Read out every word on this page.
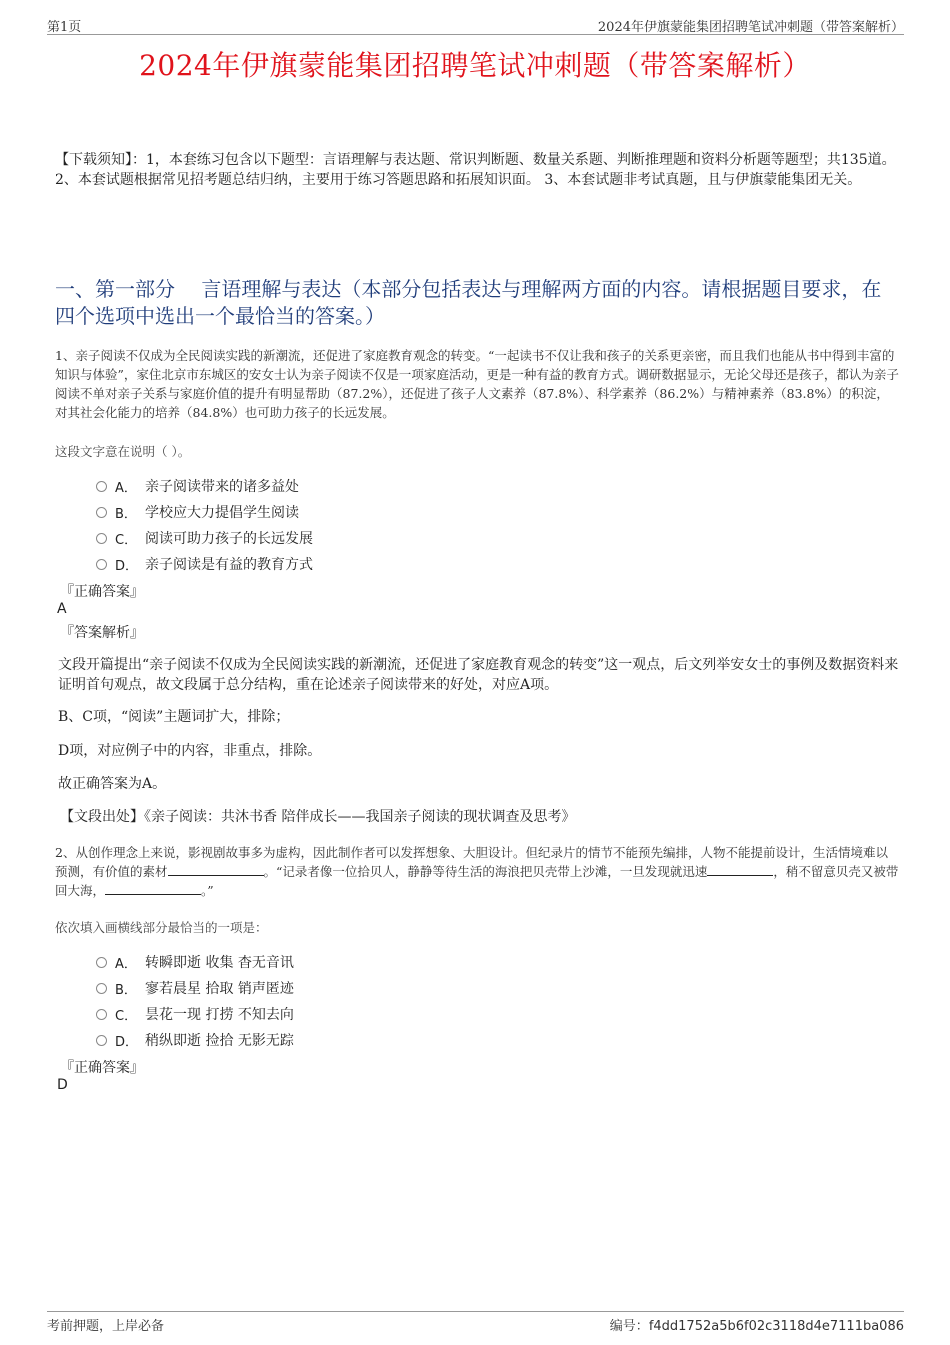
第1页	2024年伊旗蒙能集团招聘笔试冲刺题（带答案解析）
2024年伊旗蒙能集团招聘笔试冲刺题（带答案解析）
【下载须知】：1，本套练习包含以下题型：言语理解与表达题、常识判断题、数量关系题、判断推理题和资料分析题等题型；共135道。 2、本套试题根据常见招考题总结归纳，主要用于练习答题思路和拓展知识面。 3、本套试题非考试真题，且与伊旗蒙能集团无关。
一、第一部分　 言语理解与表达（本部分包括表达与理解两方面的内容。请根据题目要求，在四个选项中选出一个最恰当的答案。）
1、亲子阅读不仅成为全民阅读实践的新潮流，还促进了家庭教育观念的转变。“一起读书不仅让我和孩子的关系更亲密，而且我们也能从书中得到丰富的知识与体验”，家住北京市东城区的安女士认为亲子阅读不仅是一项家庭活动，更是一种有益的教育方式。调研数据显示，无论父母还是孩子，都认为亲子阅读不单对亲子关系与家庭价值的提升有明显帮助（87.2%），还促进了孩子人文素养（87.8%）、科学素养（86.2%）与精神素养（83.8%）的积淀，对其社会化能力的培养（84.8%）也可助力孩子的长远发展。
这段文字意在说明（ ）。
A． 亲子阅读带来的诸多益处
B． 学校应大力提倡学生阅读
C． 阅读可助力孩子的长远发展
D． 亲子阅读是有益的教育方式
『正确答案』
A
『答案解析』
文段开篇提出“亲子阅读不仅成为全民阅读实践的新潮流，还促进了家庭教育观念的转变”这一观点，后文列举安女士的事例及数据资料来证明首句观点，故文段属于总分结构，重在论述亲子阅读带来的好处，对应A项。
B、C项，“阅读”主题词扩大，排除；
D项，对应例子中的内容，非重点，排除。
故正确答案为A。
【文段出处】《亲子阅读：共沐书香 陪伴成长——我国亲子阅读的现状调查及思考》
2、从创作理念上来说，影视剧故事多为虚构，因此制作者可以发挥想象、大胆设计。但纪录片的情节不能预先编排，人物不能提前设计，生活情境难以预测，有价值的素材	。“记录者像一位拾贝人，静静等待生活的海浪把贝壳带上沙滩，一旦发现就迅速	，稍不留意贝壳又被带回大海，	。”
依次填入画横线部分最恰当的一项是：
A． 转瞬即逝 收集 杳无音讯
B． 寥若晨星 拾取 销声匿迹
C． 昙花一现 打捞 不知去向
D． 稍纵即逝 捡拾 无影无踪
『正确答案』
D
考前押题，上岸必备	编号：f4dd1752a5b6f02c3118d4e7111ba086
